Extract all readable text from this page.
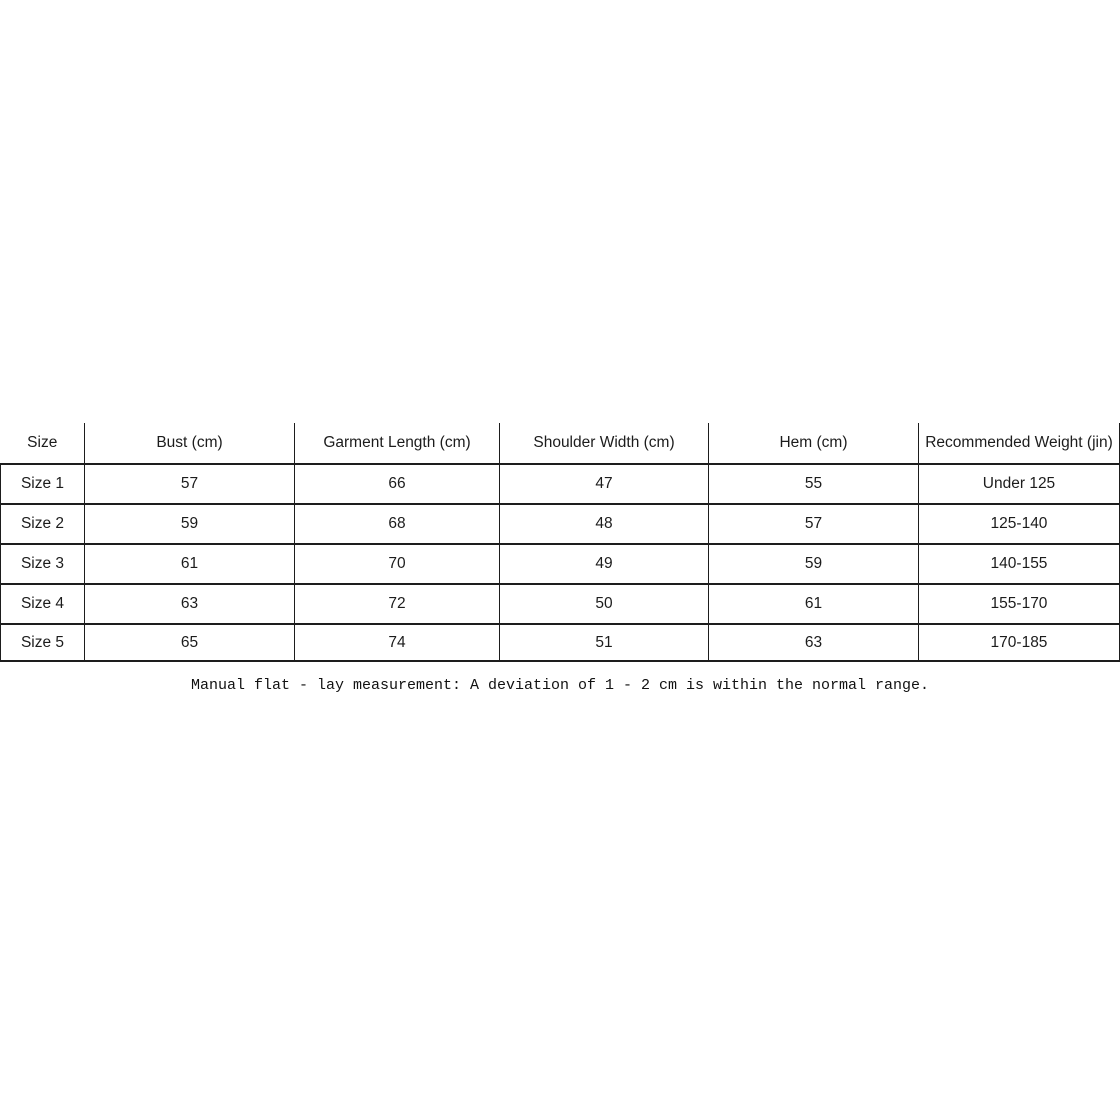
Size	Bust (cm)	Garment Length (cm)	Shoulder Width (cm)	Hem (cm)	Recommended Weight (jin)
Size 1	57	66	47	55	Under 125
Size 2	59	68	48	57	125-140
Size 3	61	70	49	59	140-155
Size 4	63	72	50	61	155-170
Size 5	65	74	51	63	170-185
Manual flat - lay measurement: A deviation of 1 - 2 cm is within the normal range.
